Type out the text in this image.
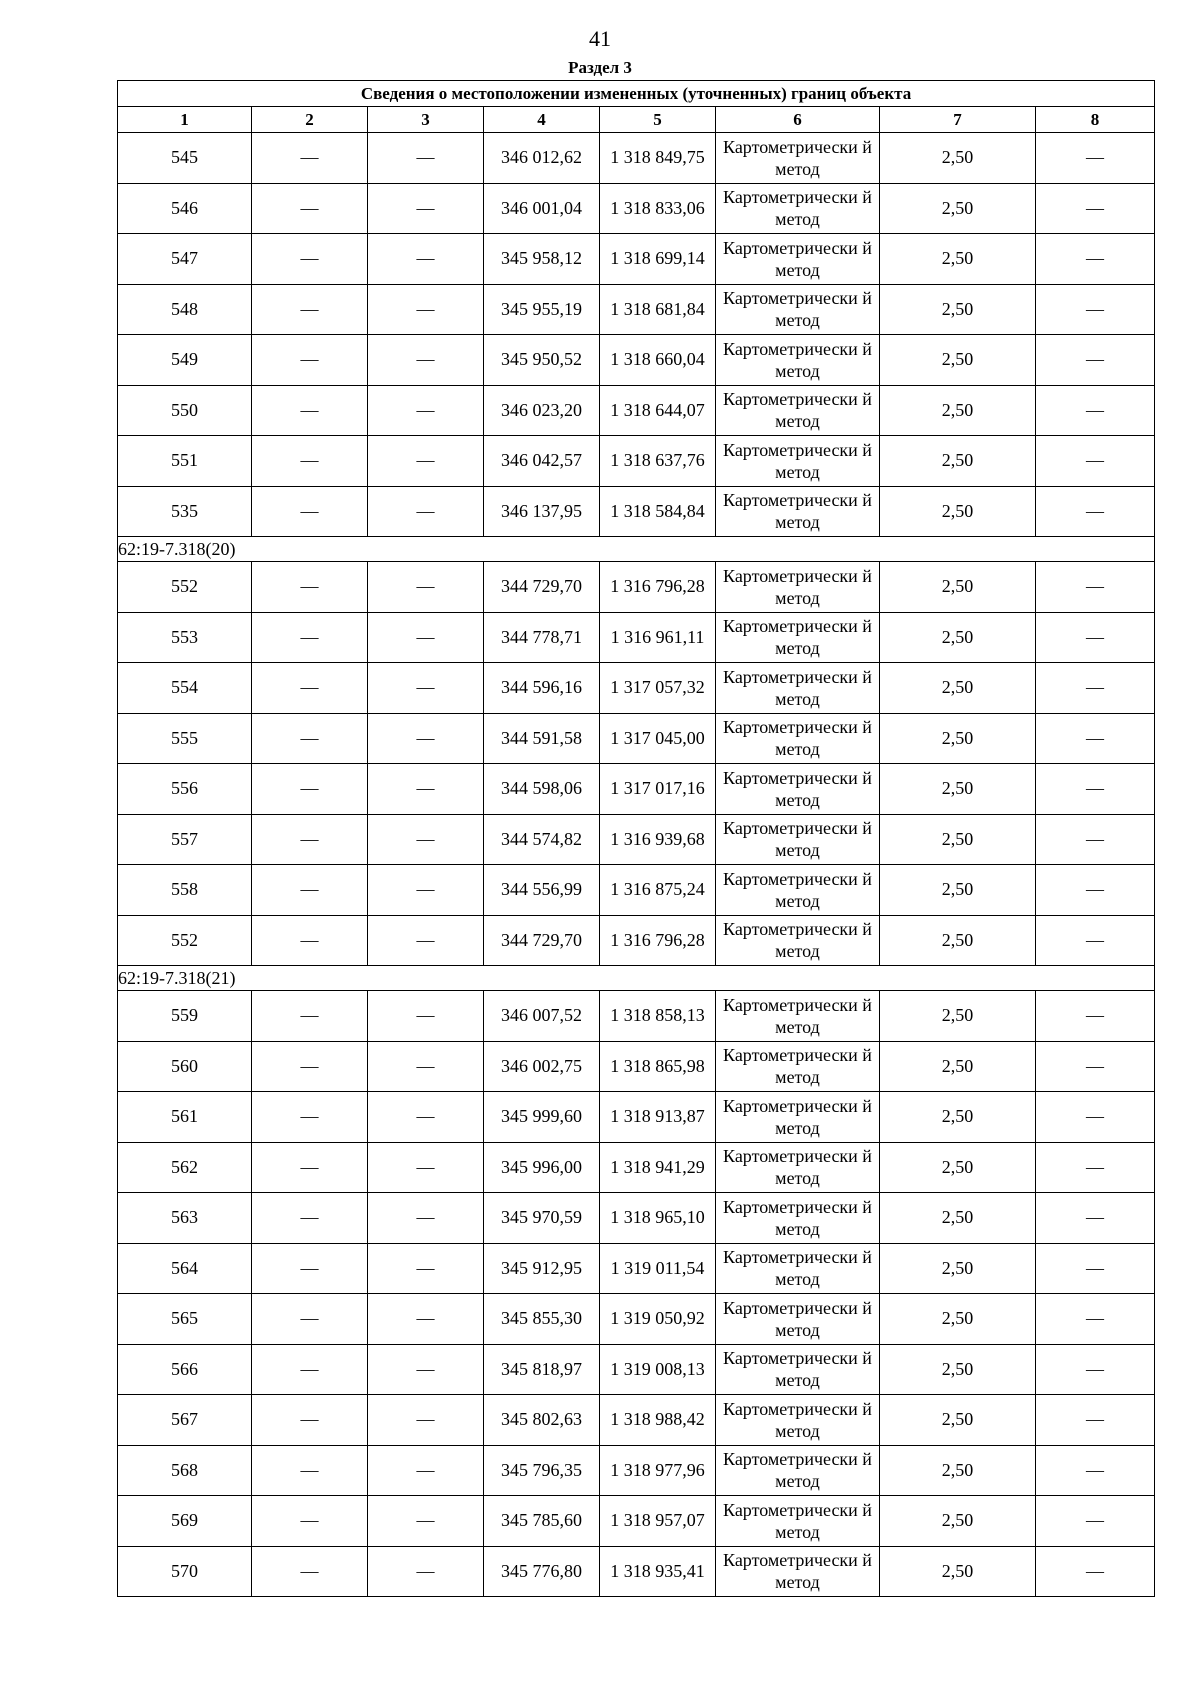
41
Раздел 3
Сведения о местоположении измененных (уточненных) границ объекта							
1	2	3	4	5	6	7	8
545	—	—	346 012,62	1 318 849,75	Картометрически й метод	2,50	—
546	—	—	346 001,04	1 318 833,06	Картометрически й метод	2,50	—
547	—	—	345 958,12	1 318 699,14	Картометрически й метод	2,50	—
548	—	—	345 955,19	1 318 681,84	Картометрически й метод	2,50	—
549	—	—	345 950,52	1 318 660,04	Картометрически й метод	2,50	—
550	—	—	346 023,20	1 318 644,07	Картометрически й метод	2,50	—
551	—	—	346 042,57	1 318 637,76	Картометрически й метод	2,50	—
535	—	—	346 137,95	1 318 584,84	Картометрически й метод	2,50	—
62:19-7.318(20)							
552	—	—	344 729,70	1 316 796,28	Картометрически й метод	2,50	—
553	—	—	344 778,71	1 316 961,11	Картометрически й метод	2,50	—
554	—	—	344 596,16	1 317 057,32	Картометрически й метод	2,50	—
555	—	—	344 591,58	1 317 045,00	Картометрически й метод	2,50	—
556	—	—	344 598,06	1 317 017,16	Картометрически й метод	2,50	—
557	—	—	344 574,82	1 316 939,68	Картометрически й метод	2,50	—
558	—	—	344 556,99	1 316 875,24	Картометрически й метод	2,50	—
552	—	—	344 729,70	1 316 796,28	Картометрически й метод	2,50	—
62:19-7.318(21)							
559	—	—	346 007,52	1 318 858,13	Картометрически й метод	2,50	—
560	—	—	346 002,75	1 318 865,98	Картометрически й метод	2,50	—
561	—	—	345 999,60	1 318 913,87	Картометрически й метод	2,50	—
562	—	—	345 996,00	1 318 941,29	Картометрически й метод	2,50	—
563	—	—	345 970,59	1 318 965,10	Картометрически й метод	2,50	—
564	—	—	345 912,95	1 319 011,54	Картометрически й метод	2,50	—
565	—	—	345 855,30	1 319 050,92	Картометрически й метод	2,50	—
566	—	—	345 818,97	1 319 008,13	Картометрически й метод	2,50	—
567	—	—	345 802,63	1 318 988,42	Картометрически й метод	2,50	—
568	—	—	345 796,35	1 318 977,96	Картометрически й метод	2,50	—
569	—	—	345 785,60	1 318 957,07	Картометрически й метод	2,50	—
570	—	—	345 776,80	1 318 935,41	Картометрически й метод	2,50	—
